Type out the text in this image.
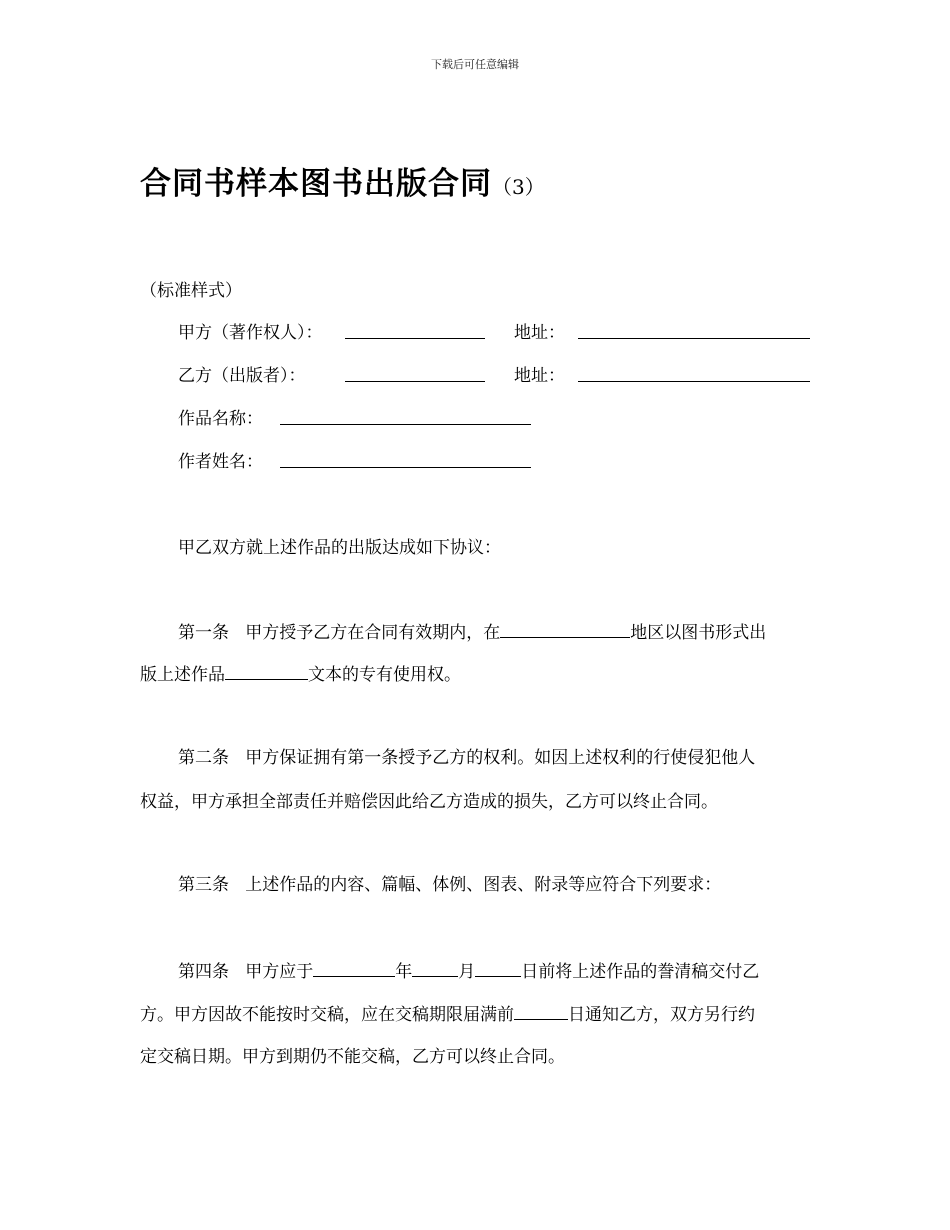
下载后可任意编辑
合同书样本图书出版合同（3）
（标准样式）
甲方（著作权人）：	地址：
乙方（出版者）：	地址：
作品名称：
作者姓名：
甲乙双方就上述作品的出版达成如下协议：
第一条 甲方授予乙方在合同有效期内，在	地区以图书形式出
版上述作品	文本的专有使用权。
第二条 甲方保证拥有第一条授予乙方的权利。如因上述权利的行使侵犯他人
权益，甲方承担全部责任并赔偿因此给乙方造成的损失，乙方可以终止合同。
第三条 上述作品的内容、篇幅、体例、图表、附录等应符合下列要求：
第四条 甲方应于	年	月	日前将上述作品的誊清稿交付乙
方。甲方因故不能按时交稿，应在交稿期限届满前	日通知乙方，双方另行约
定交稿日期。甲方到期仍不能交稿，乙方可以终止合同。
